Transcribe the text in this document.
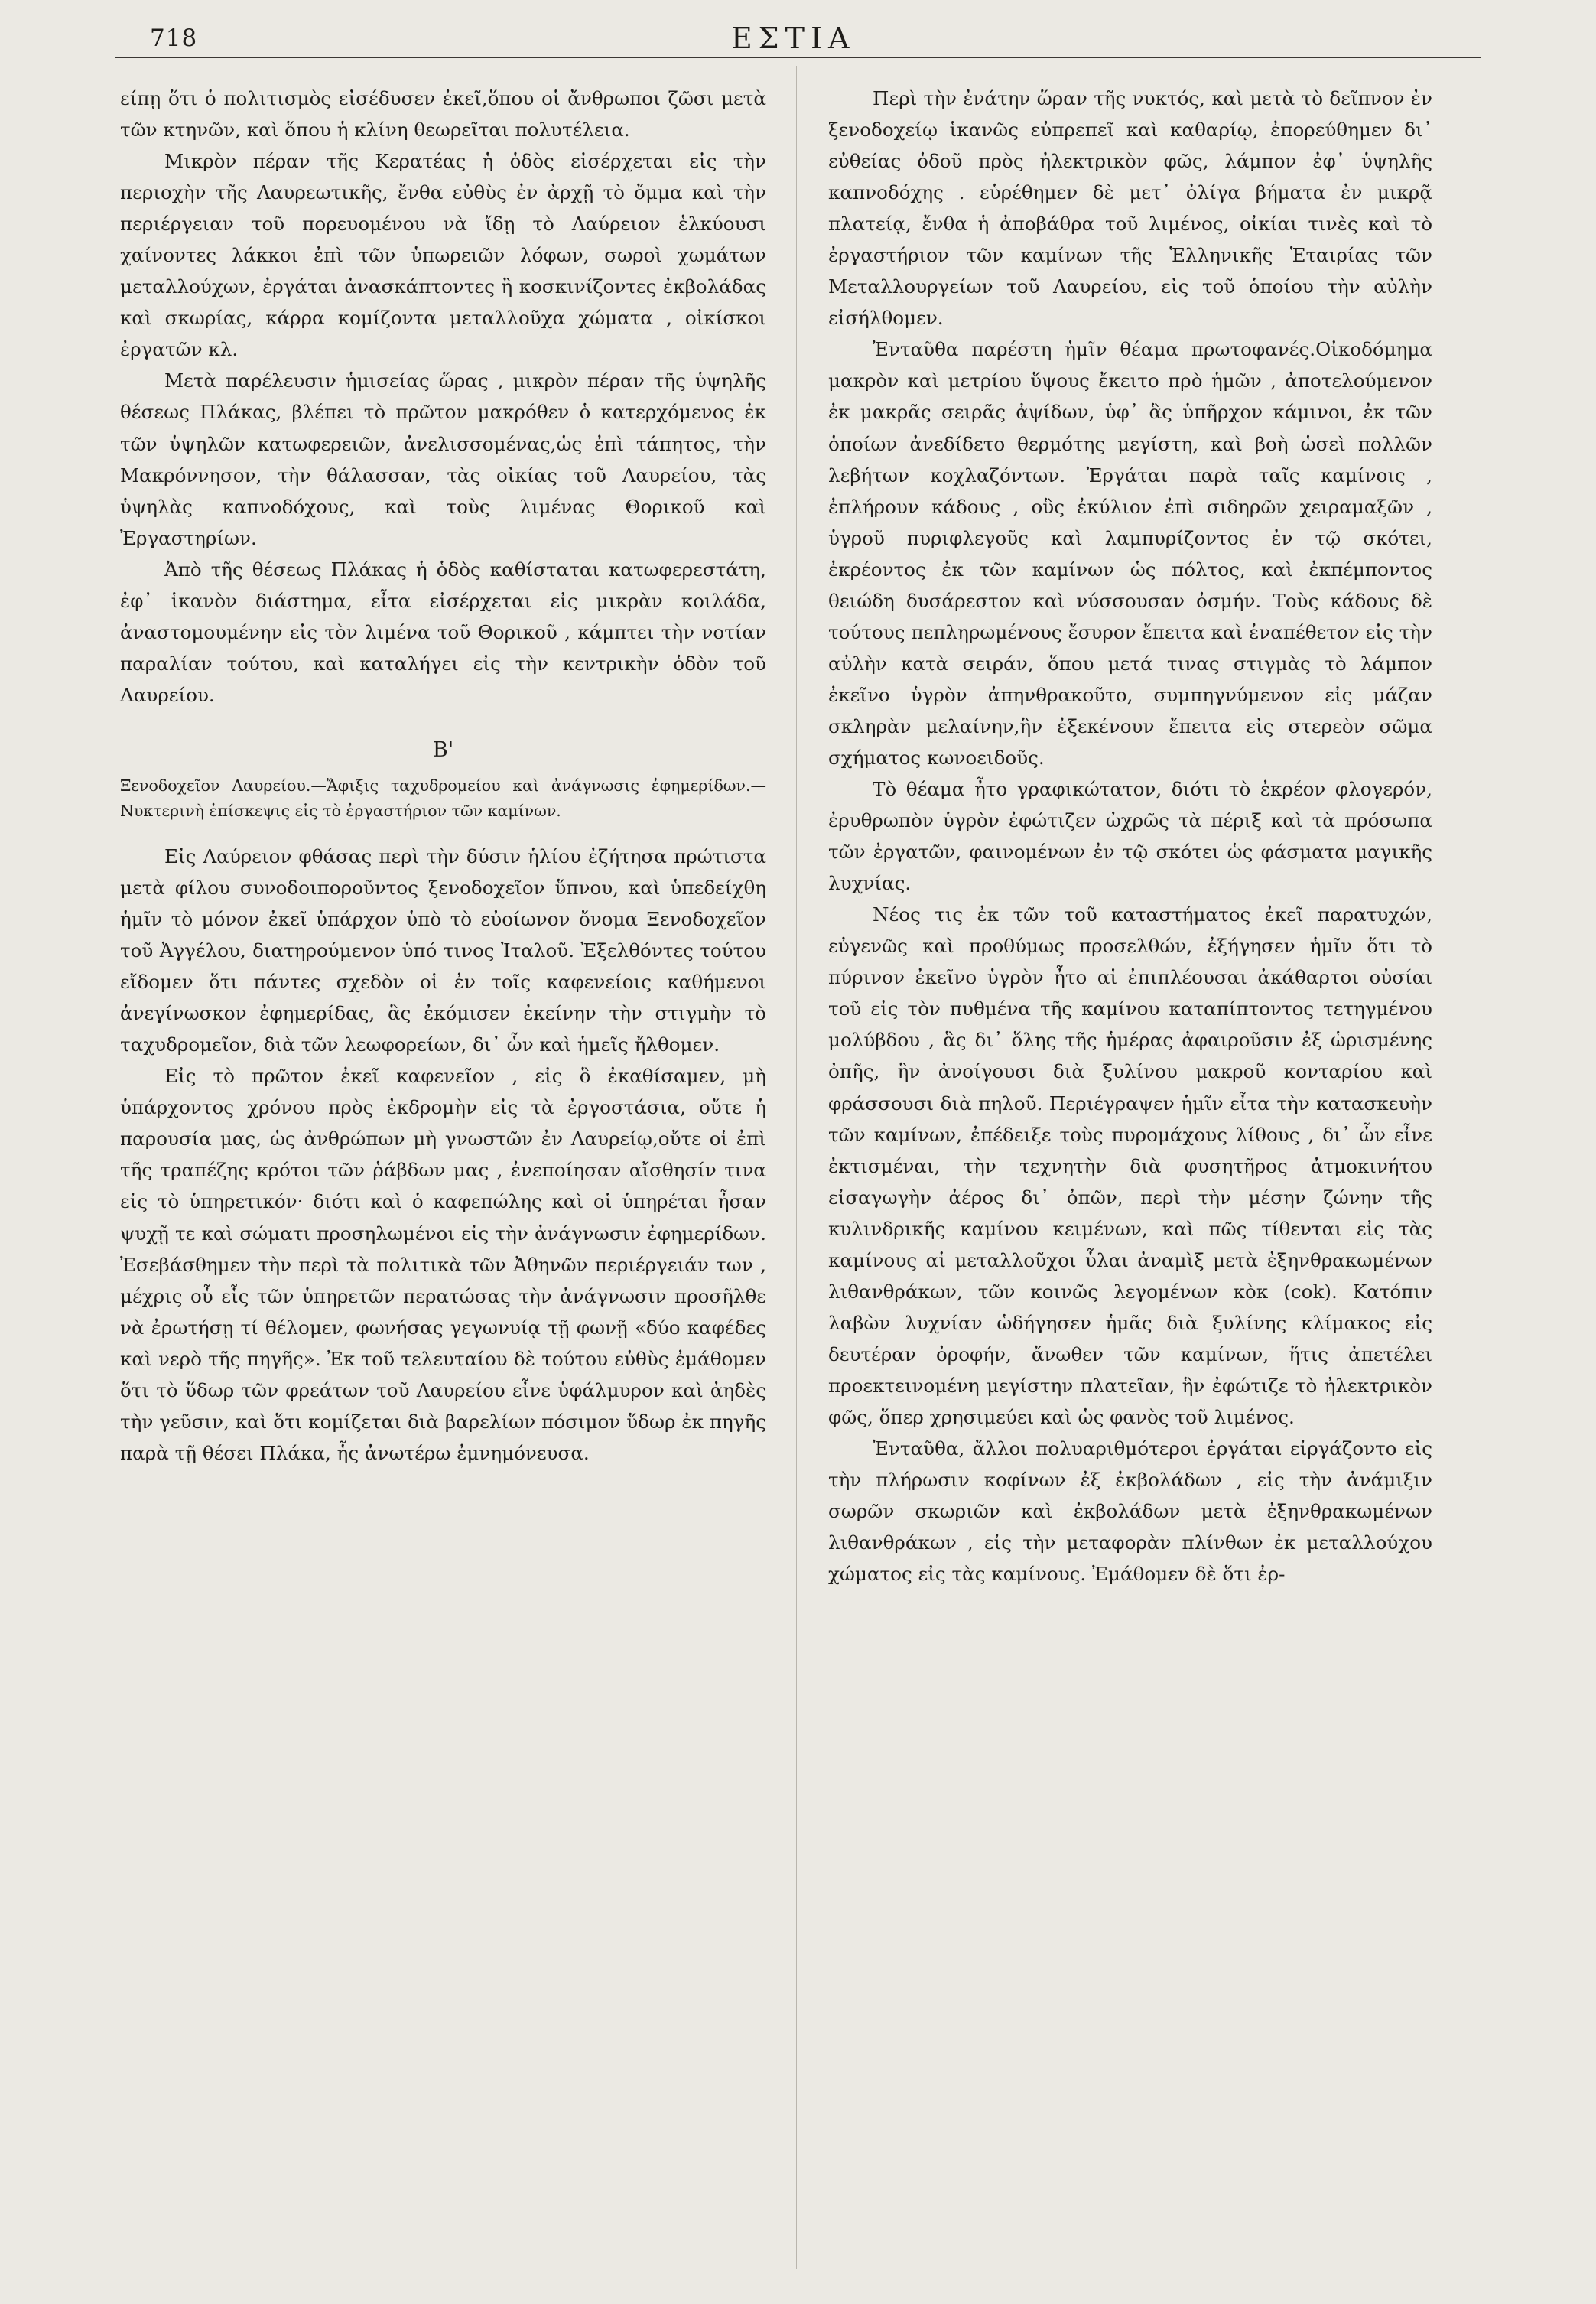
718	ΕΣΤΙΑ

είπῃ ὅτι ὁ πολιτισμὸς εἰσέδυσεν ἐκεῖ,ὅπου οἱ ἄνθρωποι ζῶσι μετὰ τῶν κτηνῶν, καὶ ὅπου ἡ κλίνη θεωρεῖται πολυτέλεια.

Μικρὸν πέραν τῆς Κερατέας ἡ ὁδὸς εἰσέρχεται εἰς τὴν περιοχὴν τῆς Λαυρεωτικῆς, ἔνθα εὐθὺς ἐν ἀρχῇ τὸ ὄμμα καὶ τὴν περιέργειαν τοῦ πορευομένου νὰ ἴδῃ τὸ Λαύρειον ἑλκύουσι χαίνοντες λάκκοι ἐπὶ τῶν ὑπωρειῶν λόφων, σωροὶ χωμάτων μεταλλούχων, ἐργάται ἀνασκάπτοντες ἢ κοσκινίζοντες ἐκβολάδας καὶ σκωρίας, κάρρα κομίζοντα μεταλλοῦχα χώματα , οἰκίσκοι ἐργατῶν κλ.

Μετὰ παρέλευσιν ἡμισείας ὥρας , μικρὸν πέραν τῆς ὑψηλῆς θέσεως Πλάκας, βλέπει τὸ πρῶτον μακρόθεν ὁ κατερχόμενος ἐκ τῶν ὑψηλῶν κατωφερειῶν, ἀνελισσομένας,ὡς ἐπὶ τάπητος, τὴν Μακρόννησον, τὴν θάλασσαν, τὰς οἰκίας τοῦ Λαυρείου, τὰς ὑψηλὰς καπνοδόχους, καὶ τοὺς λιμένας Θορικοῦ καὶ Ἐργαστηρίων.

Ἀπὸ τῆς θέσεως Πλάκας ἡ ὁδὸς καθίσταται κατωφερεστάτη, ἐφ᾽ ἱκανὸν διάστημα, εἶτα εἰσέρχεται εἰς μικρὰν κοιλάδα, ἀναστομουμένην εἰς τὸν λιμένα τοῦ Θορικοῦ , κάμπτει τὴν νοτίαν παραλίαν τούτου, καὶ καταλήγει εἰς τὴν κεντρικὴν ὁδὸν τοῦ Λαυρείου.

Β'
Ξενοδοχεῖον Λαυρείου.—Ἄφιξις ταχυδρομείου καὶ ἀνάγνωσις ἐφημερίδων.—Νυκτερινὴ ἐπίσκεψις εἰς τὸ ἐργαστήριον τῶν καμίνων.

Εἰς Λαύρειον φθάσας περὶ τὴν δύσιν ἡλίου ἐζήτησα πρώτιστα μετὰ φίλου συνοδοιποροῦντος ξενοδοχεῖον ὕπνου, καὶ ὑπεδείχθη ἡμῖν τὸ μόνον ἐκεῖ ὑπάρχον ὑπὸ τὸ εὐοίωνον ὄνομα Ξενοδοχεῖον τοῦ Ἀγγέλου, διατηρούμενον ὑπό τινος Ἰταλοῦ. Ἐξελθόντες τούτου εἴδομεν ὅτι πάντες σχεδὸν οἱ ἐν τοῖς καφενείοις καθήμενοι ἀνεγίνωσκον ἐφημερίδας, ἃς ἐκόμισεν ἐκείνην τὴν στιγμὴν τὸ ταχυδρομεῖον, διὰ τῶν λεωφορείων, δι᾽ ὧν καὶ ἡμεῖς ἤλθομεν.

Εἰς τὸ πρῶτον ἐκεῖ καφενεῖον , εἰς ὃ ἐκαθίσαμεν, μὴ ὑπάρχοντος χρόνου πρὸς ἐκδρομὴν εἰς τὰ ἐργοστάσια, οὔτε ἡ παρουσία μας, ὡς ἀνθρώπων μὴ γνωστῶν ἐν Λαυρείῳ,οὔτε οἱ ἐπὶ τῆς τραπέζης κρότοι τῶν ῥάβδων μας , ἐνεποίησαν αἴσθησίν τινα εἰς τὸ ὑπηρετικόν· διότι καὶ ὁ καφεπώλης καὶ οἱ ὑπηρέται ἦσαν ψυχῇ τε καὶ σώματι προσηλωμένοι εἰς τὴν ἀνάγνωσιν ἐφημερίδων. Ἐσεβάσθημεν τὴν περὶ τὰ πολιτικὰ τῶν Ἀθηνῶν περιέργειάν των , μέχρις οὗ εἷς τῶν ὑπηρετῶν περατώσας τὴν ἀνάγνωσιν προσῆλθε νὰ ἐρωτήσῃ τί θέλομεν, φωνήσας γεγωνυίᾳ τῇ φωνῇ «δύο καφέδες καὶ νερὸ τῆς πηγῆς». Ἐκ τοῦ τελευταίου δὲ τούτου εὐθὺς ἐμάθομεν ὅτι τὸ ὕδωρ τῶν φρεάτων τοῦ Λαυρείου εἶνε ὑφάλμυρον καὶ ἀηδὲς τὴν γεῦσιν, καὶ ὅτι κομίζεται διὰ βαρελίων πόσιμον ὕδωρ ἐκ πηγῆς παρὰ τῇ θέσει Πλάκα, ἧς ἀνωτέρω ἐμνημόνευσα.

Περὶ τὴν ἐνάτην ὥραν τῆς νυκτός, καὶ μετὰ τὸ δεῖπνον ἐν ξενοδοχείῳ ἱκανῶς εὐπρεπεῖ καὶ καθαρίῳ, ἐπορεύθημεν δι᾽ εὐθείας ὁδοῦ πρὸς ἠλεκτρικὸν φῶς, λάμπον ἐφ᾽ ὑψηλῆς καπνοδόχης . εὑρέθημεν δὲ μετ᾽ ὀλίγα βήματα ἐν μικρᾷ πλατείᾳ, ἔνθα ἡ ἀποβάθρα τοῦ λιμένος, οἰκίαι τινὲς καὶ τὸ ἐργαστήριον τῶν καμίνων τῆς Ἑλληνικῆς Ἑταιρίας τῶν Μεταλλουργείων τοῦ Λαυρείου, εἰς τοῦ ὁποίου τὴν αὐλὴν εἰσήλθομεν.

Ἐνταῦθα παρέστη ἡμῖν θέαμα πρωτοφανές.Οἰκοδόμημα μακρὸν καὶ μετρίου ὕψους ἔκειτο πρὸ ἡμῶν , ἀποτελούμενον ἐκ μακρᾶς σειρᾶς ἀψίδων, ὑφ᾽ ἃς ὑπῆρχον κάμινοι, ἐκ τῶν ὁποίων ἀνεδίδετο θερμότης μεγίστη, καὶ βοὴ ὡσεὶ πολλῶν λεβήτων κοχλαζόντων. Ἐργάται παρὰ ταῖς καμίνοις , ἐπλήρουν κάδους , οὓς ἐκύλιον ἐπὶ σιδηρῶν χειραμαξῶν , ὑγροῦ πυριφλεγοῦς καὶ λαμπυρίζοντος ἐν τῷ σκότει, ἐκρέοντος ἐκ τῶν καμίνων ὡς πόλτος, καὶ ἐκπέμποντος θειώδη δυσάρεστον καὶ νύσσουσαν ὀσμήν. Τοὺς κάδους δὲ τούτους πεπληρωμένους ἔσυρον ἔπειτα καὶ ἐναπέθετον εἰς τὴν αὐλὴν κατὰ σειράν, ὅπου μετά τινας στιγμὰς τὸ λάμπον ἐκεῖνο ὑγρὸν ἀπηνθρακοῦτο, συμπηγνύμενον εἰς μάζαν σκληρὰν μελαίνην,ἣν ἐξεκένουν ἔπειτα εἰς στερεὸν σῶμα σχήματος κωνοειδοῦς.

Τὸ θέαμα ἦτο γραφικώτατον, διότι τὸ ἐκρέον φλογερόν, ἐρυθρωπὸν ὑγρὸν ἐφώτιζεν ὠχρῶς τὰ πέριξ καὶ τὰ πρόσωπα τῶν ἐργατῶν, φαινομένων ἐν τῷ σκότει ὡς φάσματα μαγικῆς λυχνίας.

Νέος τις ἐκ τῶν τοῦ καταστήματος ἐκεῖ παρατυχών, εὐγενῶς καὶ προθύμως προσελθών, ἐξήγησεν ἡμῖν ὅτι τὸ πύρινον ἐκεῖνο ὑγρὸν ἦτο αἱ ἐπιπλέουσαι ἀκάθαρτοι οὐσίαι τοῦ εἰς τὸν πυθμένα τῆς καμίνου καταπίπτοντος τετηγμένου μολύβδου , ἃς δι᾽ ὅλης τῆς ἡμέρας ἀφαιροῦσιν ἐξ ὡρισμένης ὀπῆς, ἣν ἀνοίγουσι διὰ ξυλίνου μακροῦ κονταρίου καὶ φράσσουσι διὰ πηλοῦ. Περιέγραψεν ἡμῖν εἶτα τὴν κατασκευὴν τῶν καμίνων, ἐπέδειξε τοὺς πυρομάχους λίθους , δι᾽ ὧν εἶνε ἐκτισμέναι, τὴν τεχνητὴν διὰ φυσητῆρος ἀτμοκινήτου εἰσαγωγὴν ἀέρος δι᾽ ὀπῶν, περὶ τὴν μέσην ζώνην τῆς κυλινδρικῆς καμίνου κειμένων, καὶ πῶς τίθενται εἰς τὰς καμίνους αἱ μεταλλοῦχοι ὗλαι ἀναμὶξ μετὰ ἐξηνθρακωμένων λιθανθράκων, τῶν κοινῶς λεγομένων κὸκ (cok). Κατόπιν λαβὼν λυχνίαν ὡδήγησεν ἡμᾶς διὰ ξυλίνης κλίμακος εἰς δευτέραν ὀροφήν, ἄνωθεν τῶν καμίνων, ἥτις ἀπετέλει προεκτεινομένη μεγίστην πλατεῖαν, ἣν ἐφώτιζε τὸ ἠλεκτρικὸν φῶς, ὅπερ χρησιμεύει καὶ ὡς φανὸς τοῦ λιμένος.

Ἐνταῦθα, ἄλλοι πολυαριθμότεροι ἐργάται εἰργάζοντο εἰς τὴν πλήρωσιν κοφίνων ἐξ ἐκβολάδων , εἰς τὴν ἀνάμιξιν σωρῶν σκωριῶν καὶ ἐκβολάδων μετὰ ἐξηνθρακωμένων λιθανθράκων , εἰς τὴν μεταφορὰν πλίνθων ἐκ μεταλλούχου χώματος εἰς τὰς καμίνους. Ἐμάθομεν δὲ ὅτι ἐρ-
